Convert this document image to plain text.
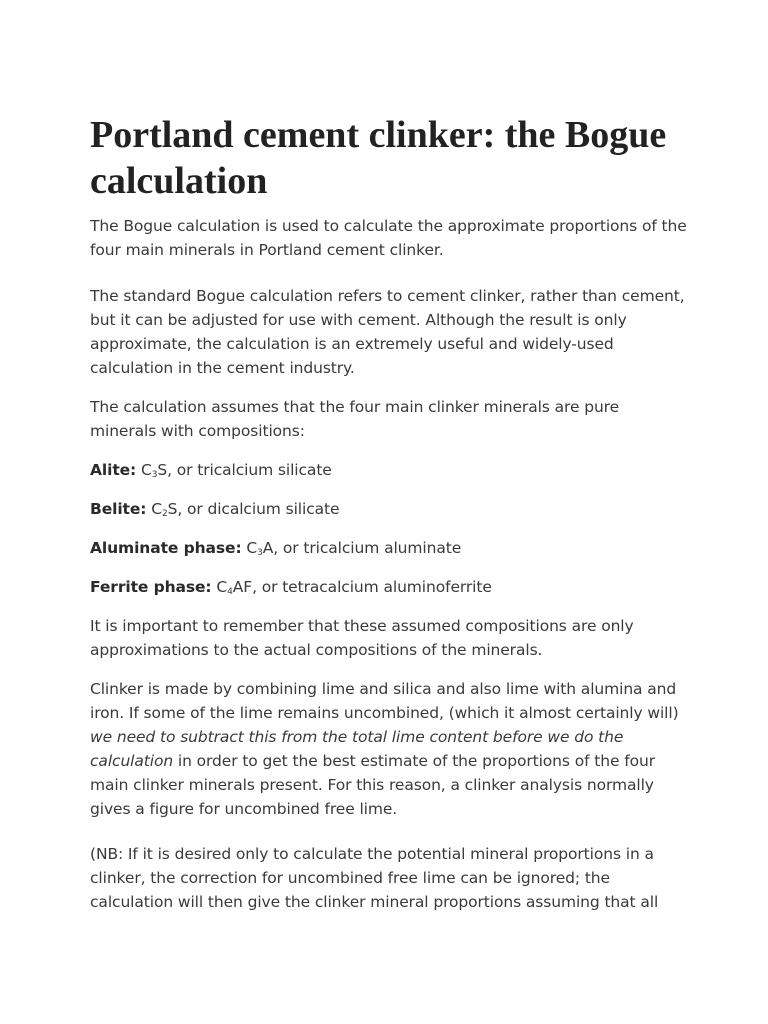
Portland cement clinker: the Bogue calculation

The Bogue calculation is used to calculate the approximate proportions of the four main minerals in Portland cement clinker.

The standard Bogue calculation refers to cement clinker, rather than cement, but it can be adjusted for use with cement. Although the result is only approximate, the calculation is an extremely useful and widely-used calculation in the cement industry.

The calculation assumes that the four main clinker minerals are pure minerals with compositions:

Alite: $C_3S$, or tricalcium silicate

Belite: $C_2S$, or dicalcium silicate

Aluminate phase: $C_3A$, or tricalcium aluminate

Ferrite phase: $C_4AF$, or tetracalcium aluminoferrite

It is important to remember that these assumed compositions are only approximations to the actual compositions of the minerals.

Clinker is made by combining lime and silica and also lime with alumina and iron. If some of the lime remains uncombined, (which it almost certainly will) we need to subtract this from the total lime content before we do the calculation in order to get the best estimate of the proportions of the four main clinker minerals present. For this reason, a clinker analysis normally gives a figure for uncombined free lime.

(NB: If it is desired only to calculate the potential mineral proportions in a clinker, the correction for uncombined free lime can be ignored; the calculation will then give the clinker mineral proportions assuming that all
